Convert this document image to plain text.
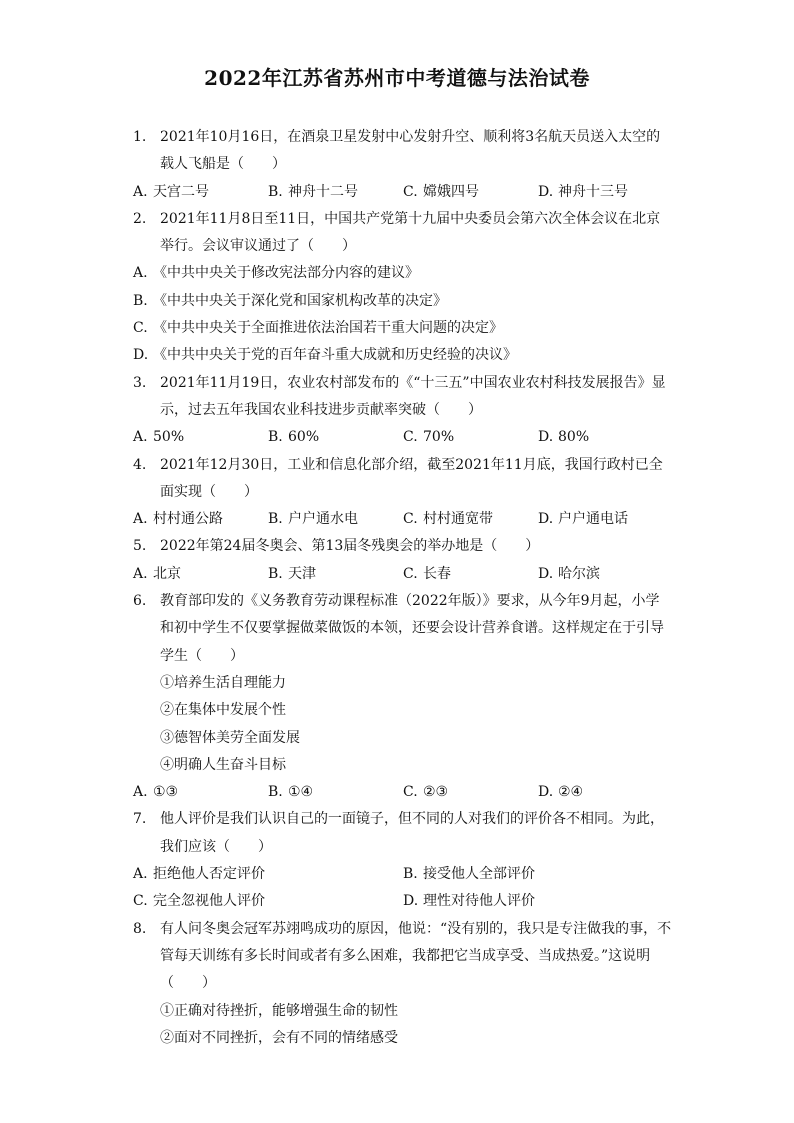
2022年江苏省苏州市中考道德与法治试卷
1. 2021年10月16日，在酒泉卫星发射中心发射升空、顺利将3名航天员送入太空的载人飞船是（　　）
A. 天宫二号	B. 神舟十二号	C. 嫦娥四号	D. 神舟十三号
2. 2021年11月8日至11日，中国共产党第十九届中央委员会第六次全体会议在北京举行。会议审议通过了（　　）
A. 《中共中央关于修改宪法部分内容的建议》
B. 《中共中央关于深化党和国家机构改革的决定》
C. 《中共中央关于全面推进依法治国若干重大问题的决定》
D. 《中共中央关于党的百年奋斗重大成就和历史经验的决议》
3. 2021年11月19日，农业农村部发布的《“十三五”中国农业农村科技发展报告》显示，过去五年我国农业科技进步贡献率突破（　　）
A. 50%	B. 60%	C. 70%	D. 80%
4. 2021年12月30日，工业和信息化部介绍，截至2021年11月底，我国行政村已全面实现（　　）
A. 村村通公路	B. 户户通水电	C. 村村通宽带	D. 户户通电话
5. 2022年第24届冬奥会、第13届冬残奥会的举办地是（　　）
A. 北京	B. 天津	C. 长春	D. 哈尔滨
6. 教育部印发的《义务教育劳动课程标准（2022年版）》要求，从今年9月起，小学和初中学生不仅要掌握做菜做饭的本领，还要会设计营养食谱。这样规定在于引导学生（　　）
①培养生活自理能力
②在集体中发展个性
③德智体美劳全面发展
④明确人生奋斗目标
A. ①③	B. ①④	C. ②③	D. ②④
7. 他人评价是我们认识自己的一面镜子，但不同的人对我们的评价各不相同。为此，我们应该（　　）
A. 拒绝他人否定评价	B. 接受他人全部评价
C. 完全忽视他人评价	D. 理性对待他人评价
8. 有人问冬奥会冠军苏翊鸣成功的原因，他说：“没有别的，我只是专注做我的事，不管每天训练有多长时间或者有多么困难，我都把它当成享受、当成热爱。”这说明（　　）
①正确对待挫折，能够增强生命的韧性
②面对不同挫折，会有不同的情绪感受
